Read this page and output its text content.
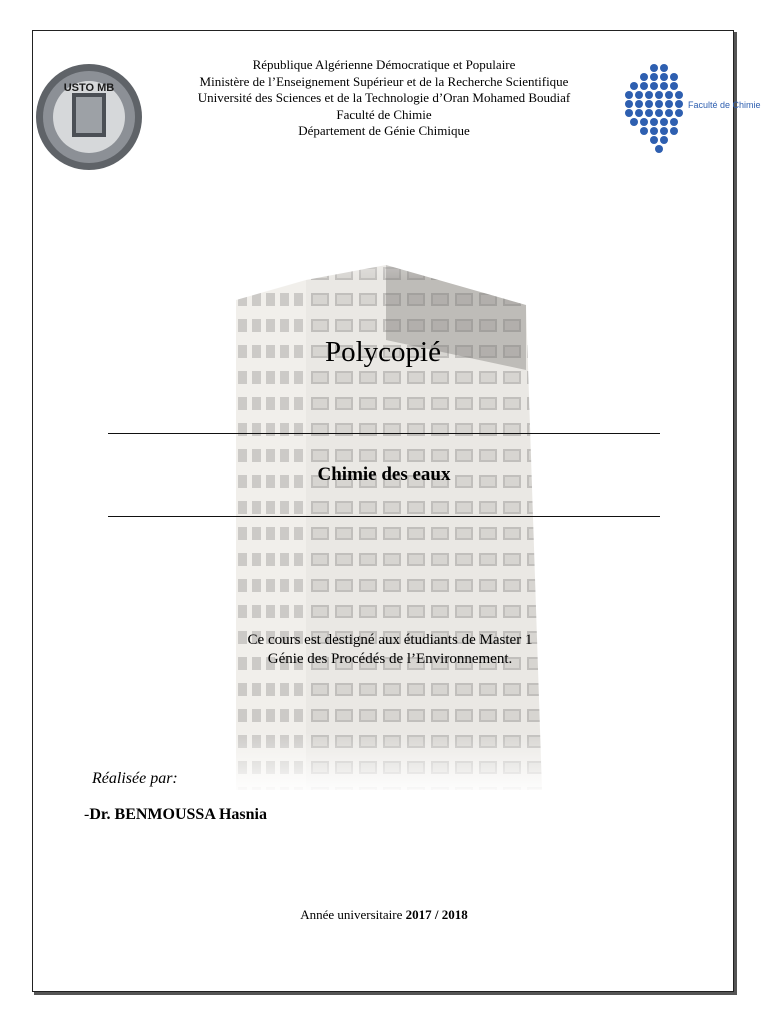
République Algérienne Démocratique et Populaire
Ministère de l’Enseignement Supérieur et de la Recherche Scientifique
Université des Sciences et de la Technologie d’Oran Mohamed Boudiaf
Faculté de Chimie
Département de Génie Chimique
USTO MB
Faculté de Chimie
Polycopié
Chimie des eaux
Ce cours est destigné aux étudiants de Master 1
Génie des Procédés de l’Environnement.
Réalisée par:
-Dr. BENMOUSSA Hasnia
Année universitaire 2017 / 2018
